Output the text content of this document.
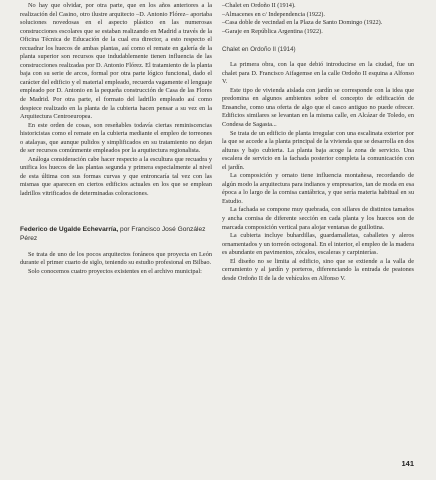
No hay que olvidar, por otra parte, que en los años anteriores a la realización del Casino, otro ilustre arquitecto –D. Antonio Flórez– aportaba soluciones novedosas en el aspecto plástico en las numerosas construcciones escolares que se estaban realizando en Madrid a través de la Oficina Técnica de Educación de la cual era director, a esto respecto el recuadrar los huecos de ambas plantas, así como el remate en galería de la planta superior son recursos que indudablemente tienen influencia de las construcciones realizadas por D. Antonio Flórez. El tratamiento de la planta baja con su serie de arcos, formal por otra parte lógico funcional, dado el carácter del edificio y el material empleado, recuerda vagamente el lenguaje empleado por D. Antonio en la pequeña construcción de Casa de las Flores de Madrid. Por otra parte, el formato del ladrillo empleado así como despiece realizado en la planta de la cubierta hacen pensar a su vez en la Arquitectura Centroeuropea.

En este orden de cosas, son reseñables todavía ciertas reminiscencias historicistas como el remate en la cubierta mediante el empleo de torreones o atalayas, que aunque pulidos y simplificados en su tratamiento no dejan de ser recursos comúnmente empleados por la arquitectura regionalista.

Análoga consideración cabe hacer respecto a la escultura que recuadra y unifica los huecos de las plantas segunda y primera especialmente al nivel de esta última con sus formas curvas y que entroncaría tal vez con las mismas que aparecen en ciertos edificios actuales en los que se emplean ladrillos vitrificados de determinadas coloraciones.

Federico de Ugalde Echevarría, por Francisco José González Pérez

Se trata de uno de los pocos arquitectos foráneos que proyecta en León durante el primer cuarto de siglo, teniendo su estudio profesional en Bilbao.

Solo conocemos cuatro proyectos existentes en el archivo municipal:

–Chalet en Ordoño II (1914).

–Almacenes en c/ Independencia (1922).

–Casa doble de vecindad en la Plaza de Santo Domingo (1922).

–Garaje en República Argentina (1922).

Chalet en Ordoño II (1914)

La primera obra, con la que debió introducirse en la ciudad, fue un chalet para D. Francisco Aifagemse en la calle Ordoño II esquina a Alfonso V.

Este tipo de vivienda aislada con jardín se corresponde con la idea que predomina en algunos ambientes sobre el concepto de edificación de Ensanche, como una oferta de algo que el casco antiguo no puede ofrecer. Edificios similares se levantan en la misma calle, en Alcázar de Toledo, en Condesa de Sagasta...

Se trata de un edificio de planta irregular con una escalinata exterior por la que se accede a la planta principal de la vivienda que se desarrolla en dos alturas y bajo cubierta. La planta baja acoge la zona de servicio. Una escalera de servicio en la fachada posterior completa la comunicación con el jardín.

La composición y ornato tiene influencia montañesa, recordando de algún modo la arquitectura para indianos y empresarios, tan de moda en esa época a lo largo de la cornisa cantábrica, y que sería materia habitual en su Estudio.

La fachada se compone muy quebrada, con sillares de distintos tamaños y ancha cornisa de diferente sección en cada planta y los huecos son de marcada composición vertical para alojar ventanas de guillotina.

La cubierta incluye buhardillas, guardamalletas, caballetes y aleros ornamentados y un torreón octogonal. En el interior, el empleo de la madera es abundante en pavimentos, zócalos, escaleras y carpinterías.

El diseño no se limita al edificio, sino que se extiende a la valla de cerramiento y al jardín y porteros, diferenciando la entrada de peatones desde Ordoño II de la de vehículos en Alfonso V.

141
